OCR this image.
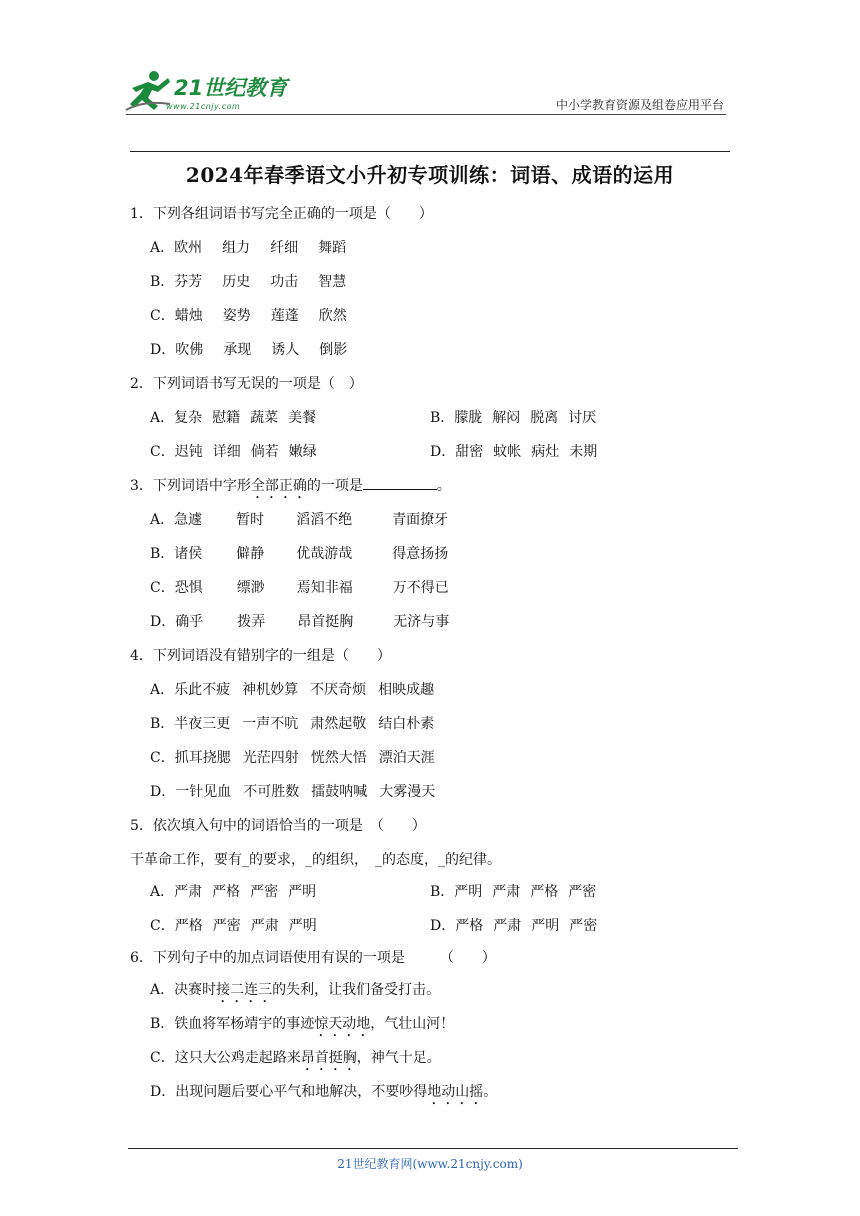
21世纪教育
www.21cnjy.com	中小学教育资源及组卷应用平台
2024年春季语文小升初专项训练：词语、成语的运用
1．下列各组词语书写完全正确的一项是（　　）
A．欧州 组力 纤细 舞蹈
B．芬芳 历史 功击 智慧
C．蜡烛 姿势 莲蓬 欣然
D．吹佛 承现 诱人 倒影
2．下列词语书写无误的一项是（　）
A．复杂 慰籍 蔬菜 美餐	B．朦胧 解闷 脱离 讨厌
C．迟钝 详细 倘若 嫩绿	D．甜密 蚊帐 病灶 未期
3．下列词语中字形全部正确的一项是	。
A．急遽 暂时 滔滔不绝	青面撩牙
B．诸侯 僻静 优哉游哉	得意扬扬
C．恐惧 缥渺 焉知非福	万不得已
D．确乎 拨弄 昂首挺胸	无济与事
4．下列词语没有错别字的一组是（　　）
A．乐此不疲 神机妙算 不厌奇烦 相映成趣
B．半夜三更 一声不吭 肃然起敬 结白朴素
C．抓耳挠腮 光茫四射 恍然大悟 漂泊天涯
D．一针见血 不可胜数 擂鼓呐喊 大雾漫天
5．依次填入句中的词语恰当的一项是　（　　）
干革命工作，要有_的要求，_的组织，　_的态度，_的纪律。
A．严肃 严格 严密 严明	B．严明 严肃 严格 严密
C．严格 严密 严肃 严明	D．严格 严肃 严明 严密
6．下列句子中的加点词语使用有误的一项是　　　（　　）
A．决赛时接二连三的失利，让我们备受打击。
B．铁血将军杨靖宇的事迹惊天动地，气壮山河！
C．这只大公鸡走起路来昂首挺胸，神气十足。
D．出现问题后要心平气和地解决，不要吵得地动山摇。
21世纪教育网(www.21cnjy.com)
